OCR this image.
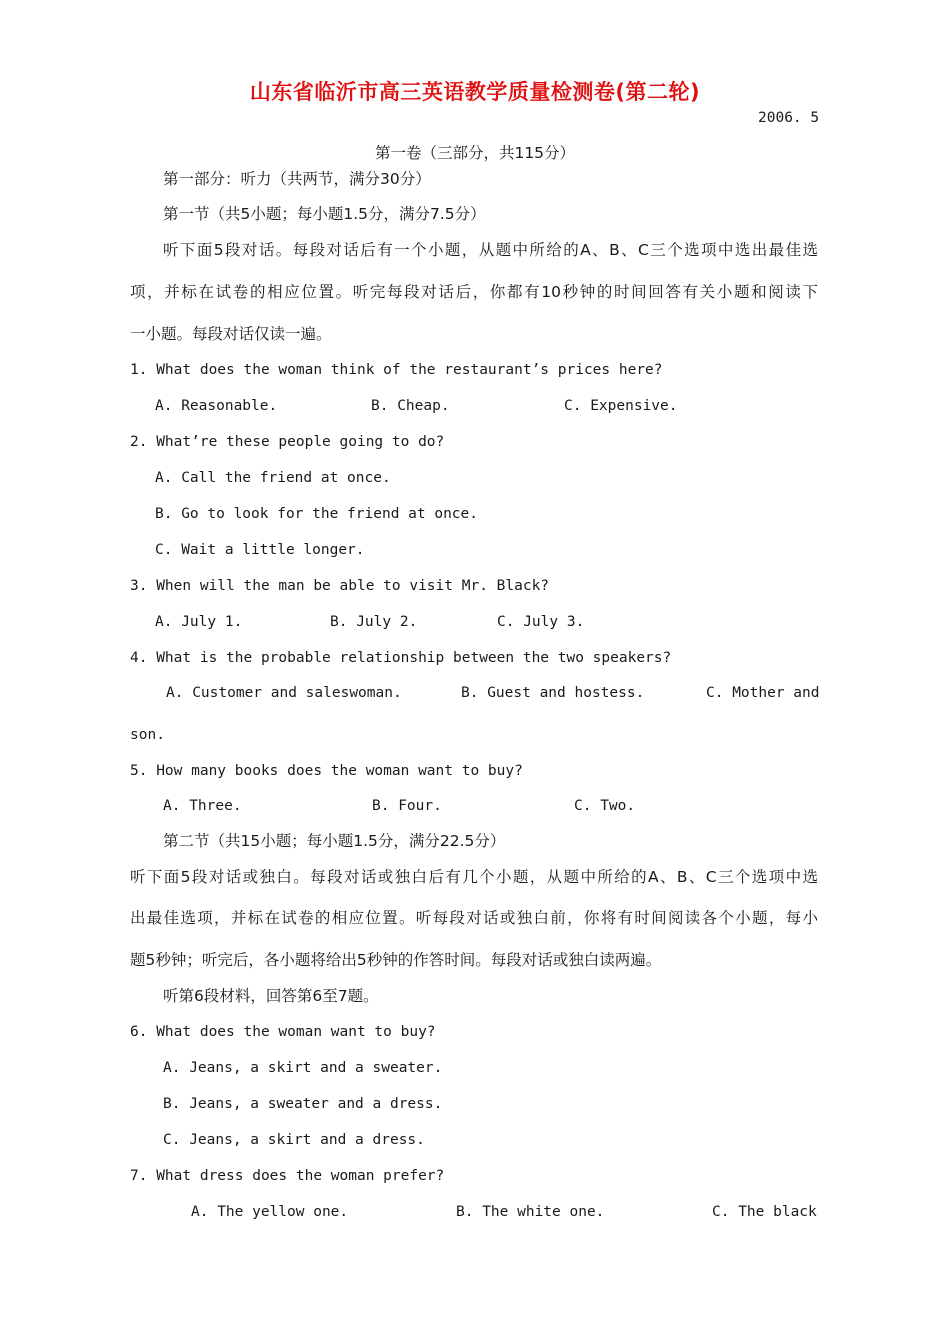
山东省临沂市高三英语教学质量检测卷(第二轮)
2006. 5
第一卷（三部分，共115分）
第一部分：听力（共两节，满分30分）
第一节（共5小题；每小题1.5分，满分7.5分）
听下面5段对话。每段对话后有一个小题，从题中所给的A、B、C三个选项中选出最佳选
项，并标在试卷的相应位置。听完每段对话后，你都有10秒钟的时间回答有关小题和阅读下
一小题。每段对话仅读一遍。
1. What does the woman think of the restaurant’s prices here?
A. Reasonable.	B. Cheap.	C. Expensive.
2. What’re these people going to do?
A. Call the friend at once.
B. Go to look for the friend at once.
C. Wait a little longer.
3. When will the man be able to visit Mr. Black?
A. July 1.	B. July 2.	C. July 3.
4. What is the probable relationship between the two speakers?
A. Customer and saleswoman.	B. Guest and hostess.	C. Mother and
son.
5. How many books does the woman want to buy?
A. Three.	B. Four.	C. Two.
第二节（共15小题；每小题1.5分，满分22.5分）
听下面5段对话或独白。每段对话或独白后有几个小题，从题中所给的A、B、C三个选项中选
出最佳选项，并标在试卷的相应位置。听每段对话或独白前，你将有时间阅读各个小题，每小
题5秒钟；听完后，各小题将给出5秒钟的作答时间。每段对话或独白读两遍。
听第6段材料，回答第6至7题。
6. What does the woman want to buy?
A. Jeans, a skirt and a sweater.
B. Jeans, a sweater and a dress.
C. Jeans, a skirt and a dress.
7. What dress does the woman prefer?
A. The yellow one.	B. The white one.	C. The black
